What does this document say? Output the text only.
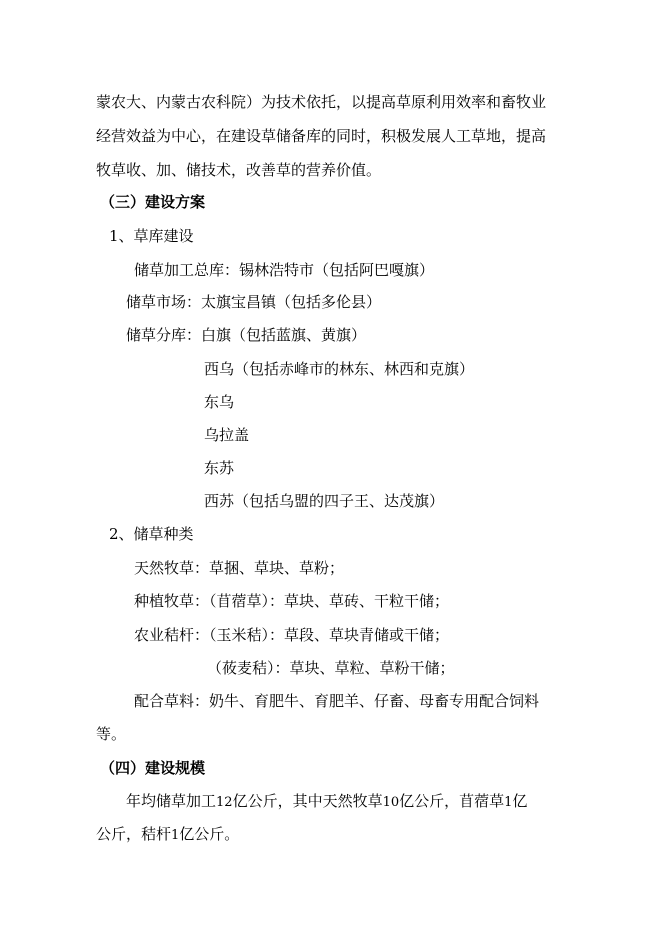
蒙农大、内蒙古农科院）为技术依托，以提高草原利用效率和畜牧业
经营效益为中心，在建设草储备库的同时，积极发展人工草地，提高
牧草收、加、储技术，改善草的营养价值。
（三）建设方案
1、草库建设
储草加工总库：锡林浩特市（包括阿巴嘎旗）
储草市场：太旗宝昌镇（包括多伦县）
储草分库：白旗（包括蓝旗、黄旗）
西乌（包括赤峰市的林东、林西和克旗）
东乌
乌拉盖
东苏
西苏（包括乌盟的四子王、达茂旗）
2、储草种类
天然牧草：草捆、草块、草粉；
种植牧草：（苜蓿草）：草块、草砖、干粒干储；
农业秸杆：（玉米秸）：草段、草块青储或干储；
（莜麦秸）：草块、草粒、草粉干储；
配合草料：奶牛、育肥牛、育肥羊、仔畜、母畜专用配合饲料
等。
（四）建设规模
年均储草加工12亿公斤，其中天然牧草10亿公斤，苜蓿草1亿
公斤，秸杆1亿公斤。
